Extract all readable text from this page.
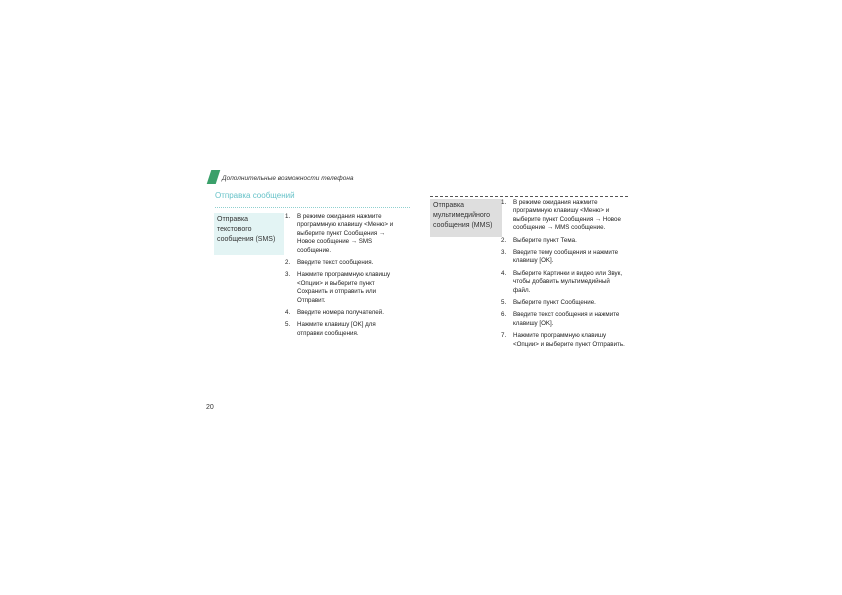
Дополнительные возможности телефона
Отправка сообщений
Отправка текстового сообщения (SMS)
1. В режиме ожидания нажмите программную клавишу <Меню> и выберите пункт Сообщения → Новое сообщение → SMS сообщение.
2. Введите текст сообщения.
3. Нажмите программную клавишу <Опции> и выберите пункт Сохранить и отправить или Отправит.
4. Введите номера получателей.
5. Нажмите клавишу [OK] для отправки сообщения.
Отправка мультимедийного сообщения (MMS)
1. В режиме ожидания нажмите программную клавишу <Меню> и выберите пункт Сообщения → Новое сообщение → MMS сообщение.
2. Выберите пункт Тема.
3. Введите тему сообщения и нажмите клавишу [OK].
4. Выберите Картинки и видео или Звук, чтобы добавить мультимедийный файл.
5. Выберите пункт Сообщение.
6. Введите текст сообщения и нажмите клавишу [OK].
7. Нажмите программную клавишу <Опции> и выберите пункт Отправить.
20
